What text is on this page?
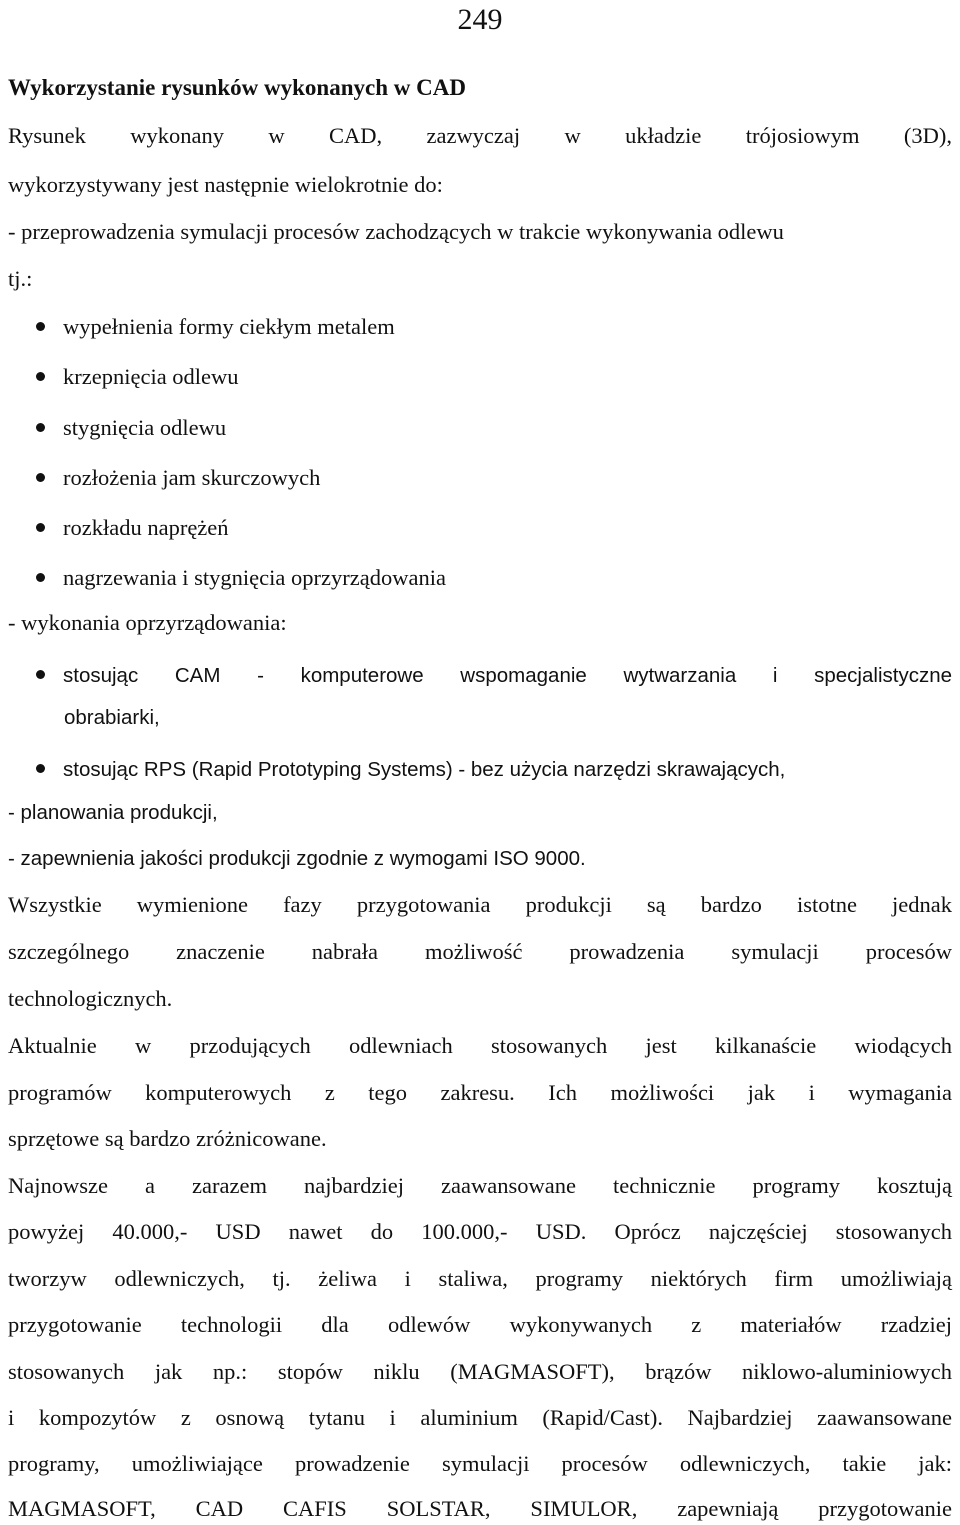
249
Wykorzystanie rysunków wykonanych w CAD
Rysunek wykonany w CAD, zazwyczaj w układzie trójosiowym (3D),
wykorzystywany jest następnie wielokrotnie do:
- przeprowadzenia symulacji procesów zachodzących w trakcie wykonywania odlewu
tj.:
wypełnienia formy ciekłym metalem
krzepnięcia odlewu
stygnięcia odlewu
rozłożenia jam skurczowych
rozkładu naprężeń
nagrzewania i stygnięcia oprzyrządowania
- wykonania oprzyrządowania:
stosując CAM - komputerowe wspomaganie wytwarzania i specjalistyczne
obrabiarki,
stosując RPS (Rapid Prototyping Systems) - bez użycia narzędzi skrawających,
- planowania produkcji,
- zapewnienia jakości produkcji zgodnie z wymogami ISO 9000.
Wszystkie wymienione fazy przygotowania produkcji są bardzo istotne jednak
szczególnego znaczenie nabrała możliwość prowadzenia symulacji procesów
technologicznych.
Aktualnie w przodujących odlewniach stosowanych jest kilkanaście wiodących
programów komputerowych z tego zakresu. Ich możliwości jak i wymagania
sprzętowe są bardzo zróżnicowane.
Najnowsze a zarazem najbardziej zaawansowane technicznie programy kosztują
powyżej 40.000,- USD nawet do 100.000,- USD. Oprócz najczęściej stosowanych
tworzyw odlewniczych, tj. żeliwa i staliwa, programy niektórych firm umożliwiają
przygotowanie technologii dla odlewów wykonywanych z materiałów rzadziej
stosowanych jak np.: stopów niklu (MAGMASOFT), brązów niklowo-aluminiowych
i kompozytów z osnową tytanu i aluminium (Rapid/Cast). Najbardziej zaawansowane
programy, umożliwiające prowadzenie symulacji procesów odlewniczych, takie jak:
MAGMASOFT, CAD CAFIS SOLSTAR, SIMULOR, zapewniają przygotowanie
